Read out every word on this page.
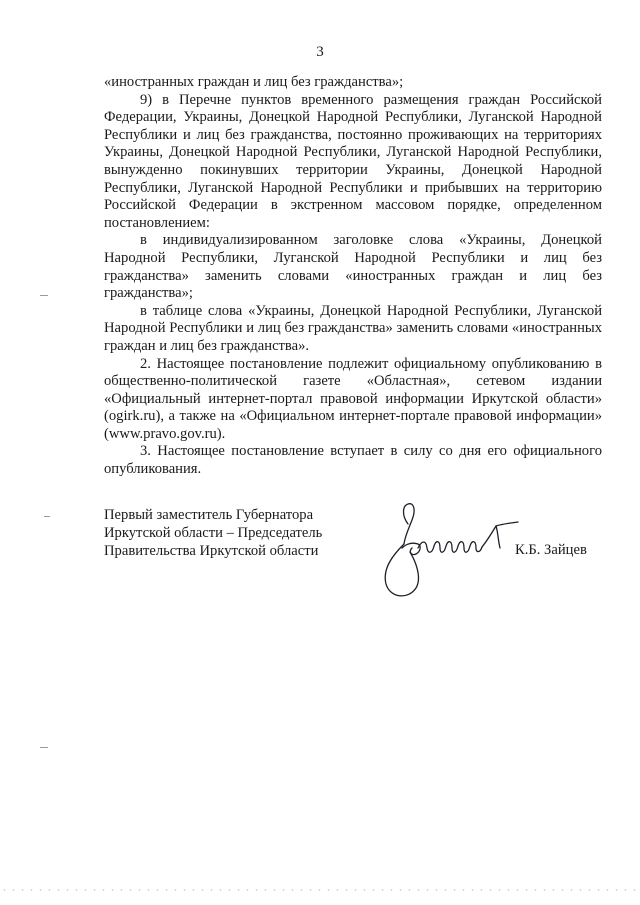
3

«иностранных граждан и лиц без гражданства»;

9) в Перечне пунктов временного размещения граждан Российской Федерации, Украины, Донецкой Народной Республики, Луганской Народной Республики и лиц без гражданства, постоянно проживающих на территориях Украины, Донецкой Народной Республики, Луганской Народной Республики, вынужденно покинувших территории Украины, Донецкой Народной Республики, Луганской Народной Республики и прибывших на территорию Российской Федерации в экстренном массовом порядке, определенном постановлением:

в индивидуализированном заголовке слова «Украины, Донецкой Народной Республики, Луганской Народной Республики и лиц без гражданства» заменить словами «иностранных граждан и лиц без гражданства»;

в таблице слова «Украины, Донецкой Народной Республики, Луганской Народной Республики и лиц без гражданства» заменить словами «иностранных граждан и лиц без гражданства».

2. Настоящее постановление подлежит официальному опубликованию в общественно-политической газете «Областная», сетевом издании «Официальный интернет-портал правовой информации Иркутской области» (ogirk.ru), а также на «Официальном интернет-портале правовой информации» (www.pravo.gov.ru).

3. Настоящее постановление вступает в силу со дня его официального опубликования.

Первый заместитель Губернатора
Иркутской области – Председатель
Правительства Иркутской области	К.Б. Зайцев
